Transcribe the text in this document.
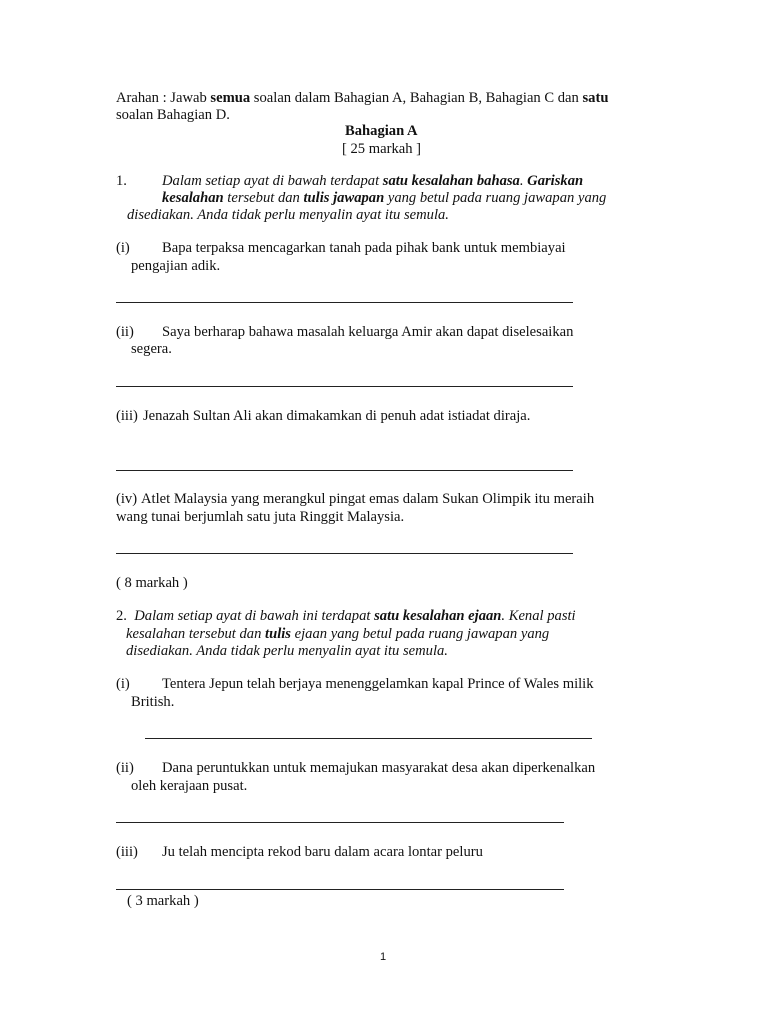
Arahan : Jawab semua soalan dalam Bahagian A, Bahagian B, Bahagian C dan satu
soalan Bahagian D.
Bahagian A
[ 25 markah ]
1. Dalam setiap ayat di bawah terdapat satu kesalahan bahasa. Gariskan
kesalahan tersebut dan tulis jawapan yang betul pada ruang jawapan yang
disediakan. Anda tidak perlu menyalin ayat itu semula.
(i) Bapa terpaksa mencagarkan tanah pada pihak bank untuk membiayai
pengajian adik.
(ii) Saya berharap bahawa masalah keluarga Amir akan dapat diselesaikan
segera.
(iii) Jenazah Sultan Ali akan dimakamkan di penuh adat istiadat diraja.
(iv) Atlet Malaysia yang merangkul pingat emas dalam Sukan Olimpik itu meraih
wang tunai berjumlah satu juta Ringgit Malaysia.
( 8 markah )
2. Dalam setiap ayat di bawah ini terdapat satu kesalahan ejaan. Kenal pasti
kesalahan tersebut dan tulis ejaan yang betul pada ruang jawapan yang
disediakan. Anda tidak perlu menyalin ayat itu semula.
(i) Tentera Jepun telah berjaya menenggelamkan kapal Prince of Wales milik
British.
(ii) Dana peruntukkan untuk memajukan masyarakat desa akan diperkenalkan
oleh kerajaan pusat.
(iii) Ju telah mencipta rekod baru dalam acara lontar peluru
( 3 markah )
1
